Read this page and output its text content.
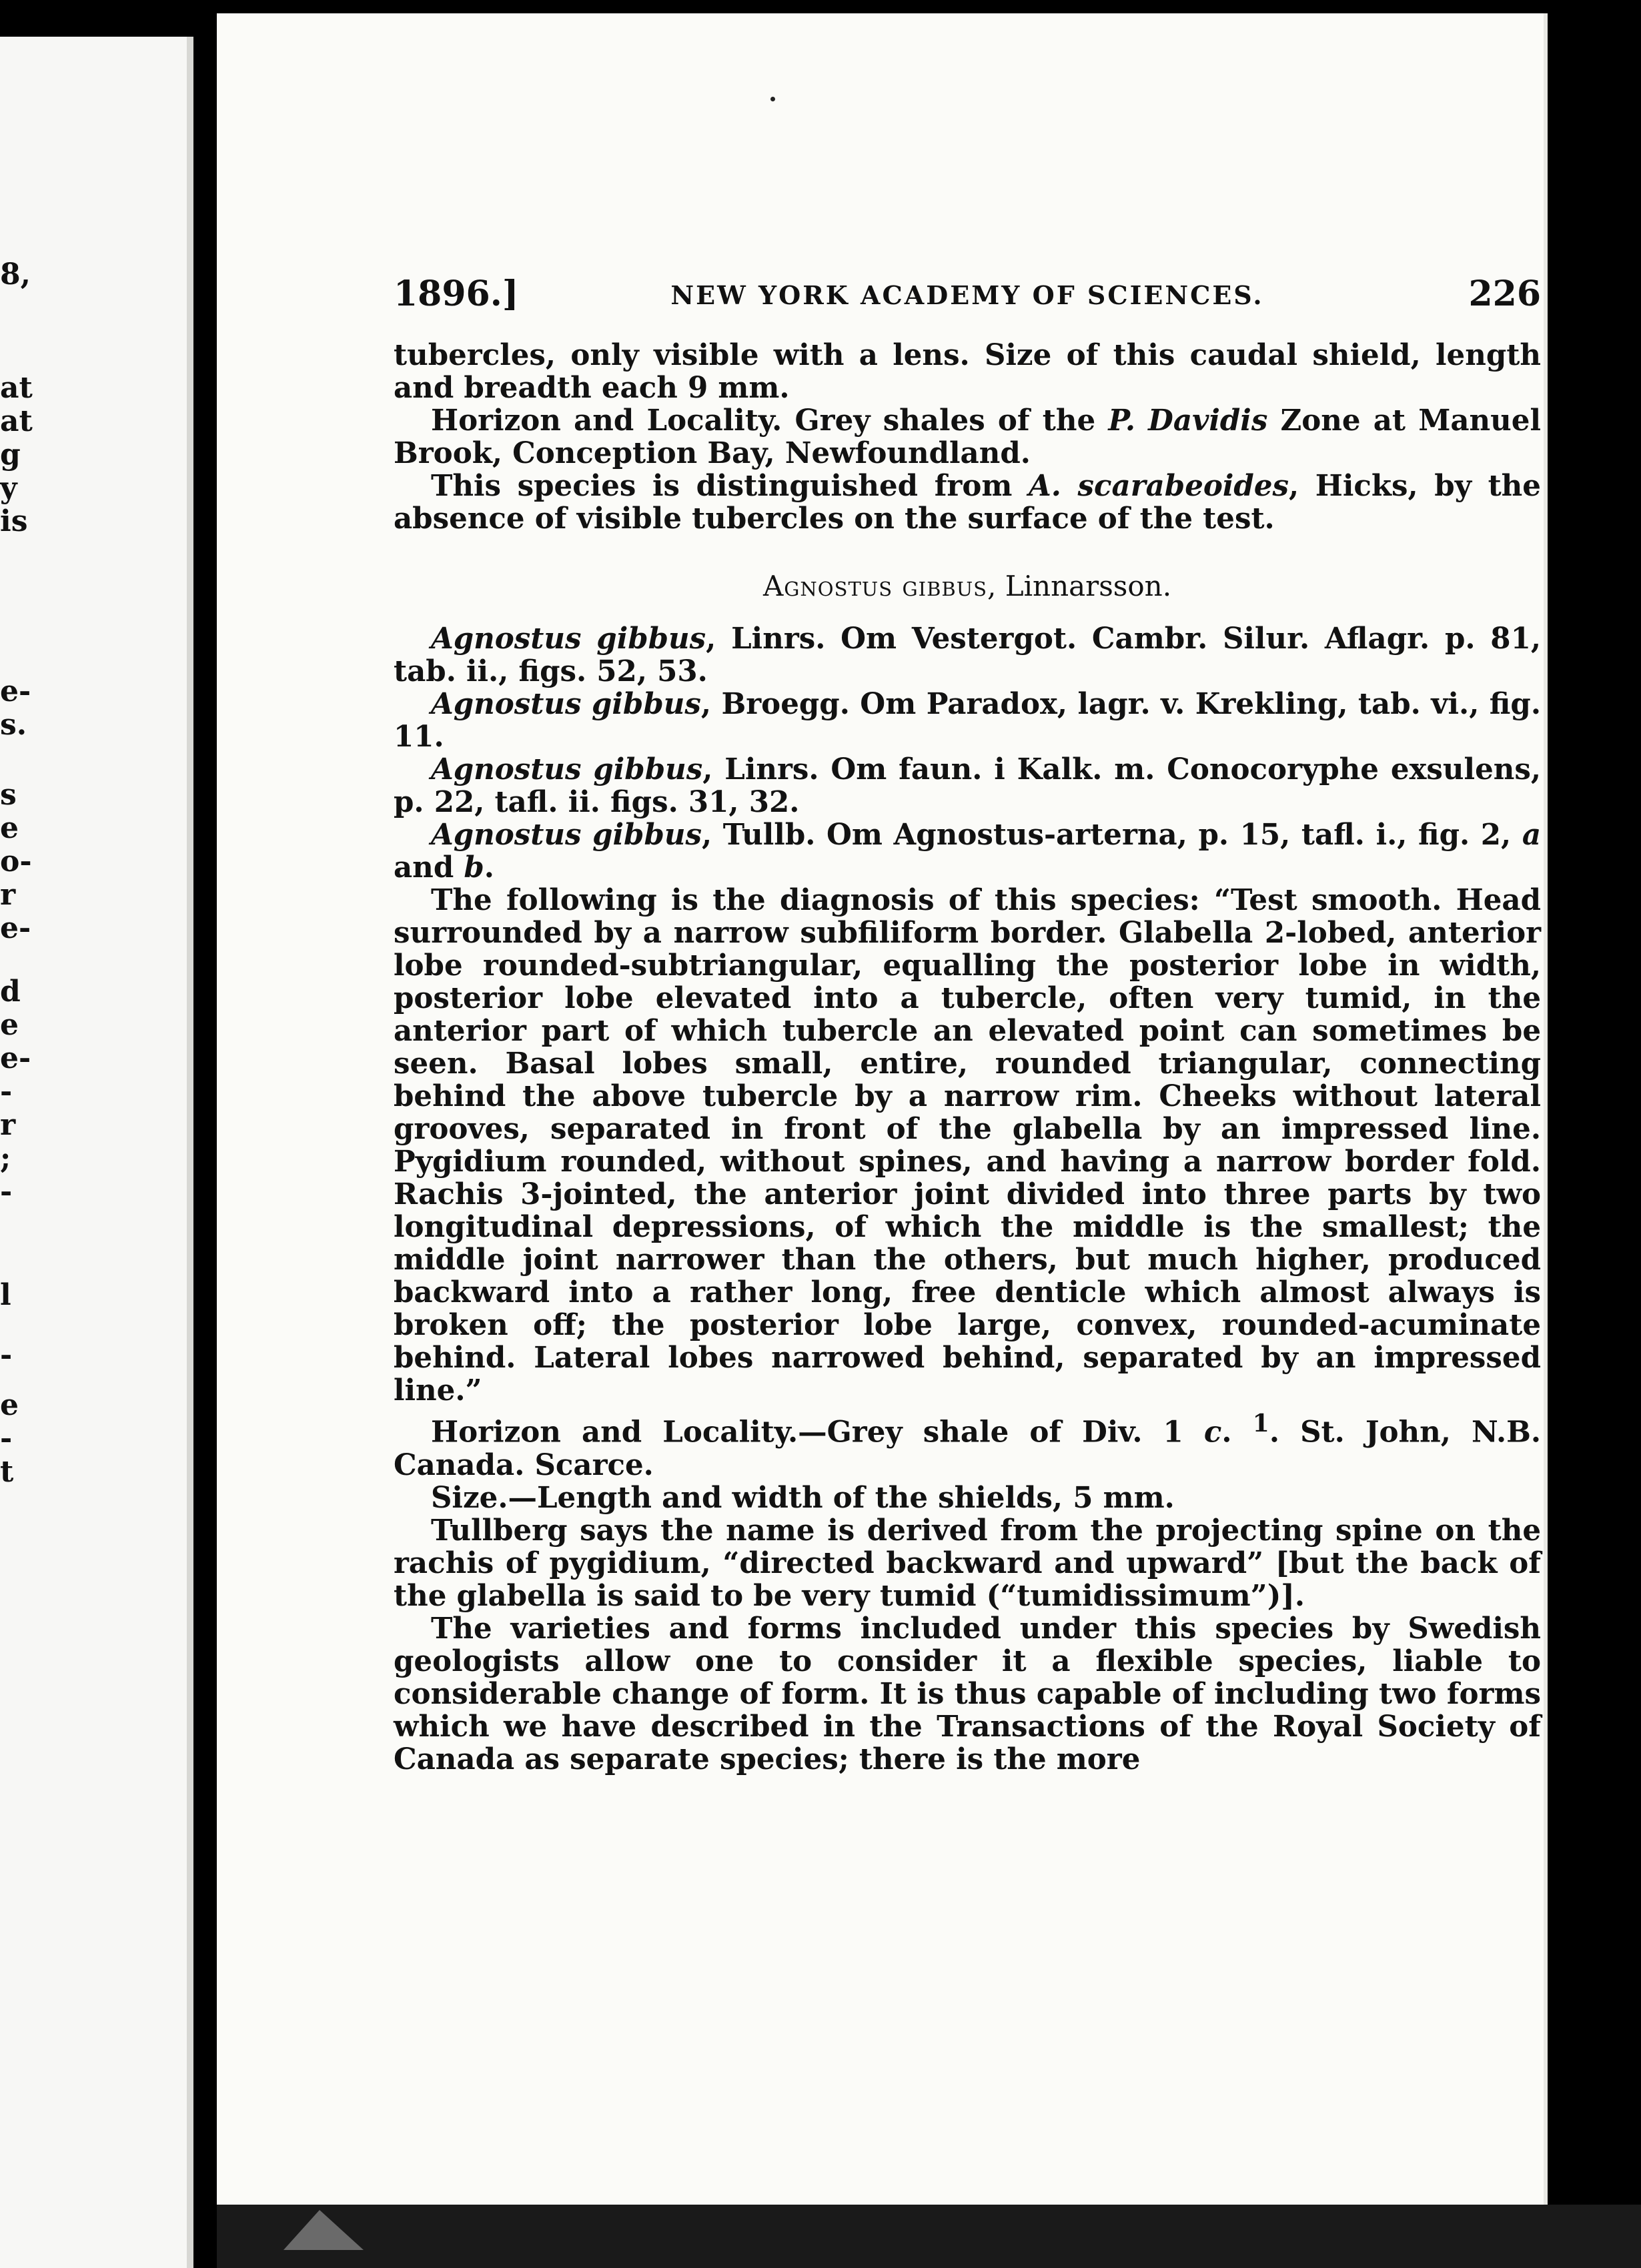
8,
at
at
g
y
is
e-
s.
s
e
o-
r
e-
d
e
e-
-
r
;
-
l
-
e
-
t
1896.]	NEW YORK ACADEMY OF SCIENCES.	226

tubercles, only visible with a lens. Size of this caudal shield, length and breadth each 9 mm.

Horizon and Locality. Grey shales of the P. Davidis Zone at Manuel Brook, Conception Bay, Newfoundland.

This species is distinguished from A. scarabeoides, Hicks, by the absence of visible tubercles on the surface of the test.

Agnostus gibbus, Linnarsson.

Agnostus gibbus, Linrs. Om Vestergot. Cambr. Silur. Aflagr. p. 81, tab. ii., figs. 52, 53.

Agnostus gibbus, Broegg. Om Paradox, lagr. v. Krekling, tab. vi., fig. 11.

Agnostus gibbus, Linrs. Om faun. i Kalk. m. Conocoryphe exsulens, p. 22, tafl. ii. figs. 31, 32.

Agnostus gibbus, Tullb. Om Agnostus-arterna, p. 15, tafl. i., fig. 2, a and b.

The following is the diagnosis of this species: “Test smooth. Head surrounded by a narrow subfiliform border. Glabella 2-lobed, anterior lobe rounded-subtriangular, equalling the posterior lobe in width, posterior lobe elevated into a tubercle, often very tumid, in the anterior part of which tubercle an elevated point can sometimes be seen. Basal lobes small, entire, rounded triangular, connecting behind the above tubercle by a narrow rim. Cheeks without lateral grooves, separated in front of the glabella by an impressed line. Pygidium rounded, without spines, and having a narrow border fold. Rachis 3-jointed, the anterior joint divided into three parts by two longitudinal depressions, of which the middle is the smallest; the middle joint narrower than the others, but much higher, produced backward into a rather long, free denticle which almost always is broken off; the posterior lobe large, convex, rounded-acuminate behind. Lateral lobes narrowed behind, separated by an impressed line.”

Horizon and Locality.—Grey shale of Div. 1 c. $^1$. St. John, N.B. Canada. Scarce.

Size.—Length and width of the shields, 5 mm.

Tullberg says the name is derived from the projecting spine on the rachis of pygidium, “directed backward and upward” [but the back of the glabella is said to be very tumid (“tumidissimum”)].

The varieties and forms included under this species by Swedish geologists allow one to consider it a flexible species, liable to considerable change of form. It is thus capable of including two forms which we have described in the Transactions of the Royal Society of Canada as separate species; there is the more
